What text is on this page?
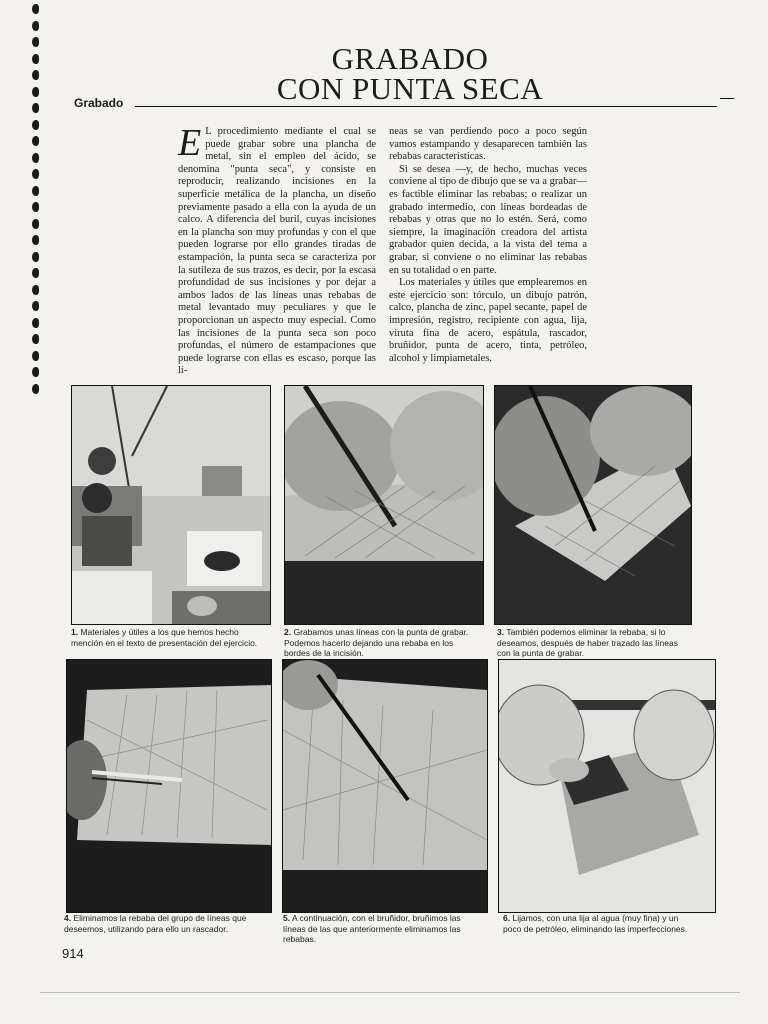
GRABADO
CON PUNTA SECA
Grabado

E L procedimiento mediante el cual se puede grabar sobre una plancha de metal, sin el empleo del ácido, se denomina "punta seca", y consiste en reproducir, realizando incisiones en la superficie metálica de la plancha, un diseño previamente pasado a ella con la ayuda de un calco. A diferencia del buril, cuyas incisiones en la plancha son muy profundas y con el que pueden lograrse por ello grandes tiradas de estampación, la punta seca se caracteriza por la sutileza de sus trazos, es decir, por la escasa profundidad de sus incisiones y por dejar a ambos lados de las líneas unas rebabas de metal levantado muy peculiares y que le proporcionan un aspecto muy especial. Como las incisiones de la punta seca son poco profundas, el número de estampaciones que puede lograrse con ellas es escaso, porque las lí-

neas se van perdiendo poco a poco según vamos estampando y desaparecen también las rebabas características.

Si se desea —y, de hecho, muchas veces conviene al tipo de dibujo que se va a grabar— es factible eliminar las rebabas; o realizar un grabado intermedio, con líneas bordeadas de rebabas y otras que no lo estén. Será, como siempre, la imaginación creadora del artista grabador quien decida, a la vista del tema a grabar, si conviene o no eliminar las rebabas en su totalidad o en parte.

Los materiales y útiles que emplearemos en este ejercicio son: tórculo, un dibujo patrón, calco, plancha de zinc, papel secante, papel de impresión, registro, recipiente con agua, lija, viruta fina de acero, espátula, rascador, bruñidor, punta de acero, tinta, petróleo, alcohol y limpiametales.

1. Materiales y útiles a los que hemos hecho mención en el texto de presentación del ejercicio.
2. Grabamos unas líneas con la punta de grabar. Podemos hacerlo dejando una rebaba en los bordes de la incisión.
3. También podemos eliminar la rebaba, si lo deseamos, después de haber trazado las líneas con la punta de grabar.
4. Eliminamos la rebaba del grupo de líneas que deseemos, utilizando para ello un rascador.
5. A continuación, con el bruñidor, bruñimos las líneas de las que anteriormente eliminamos las rebabas.
6. Lijamos, con una lija al agua (muy fina) y un poco de petróleo, eliminando las imperfecciones.
914
